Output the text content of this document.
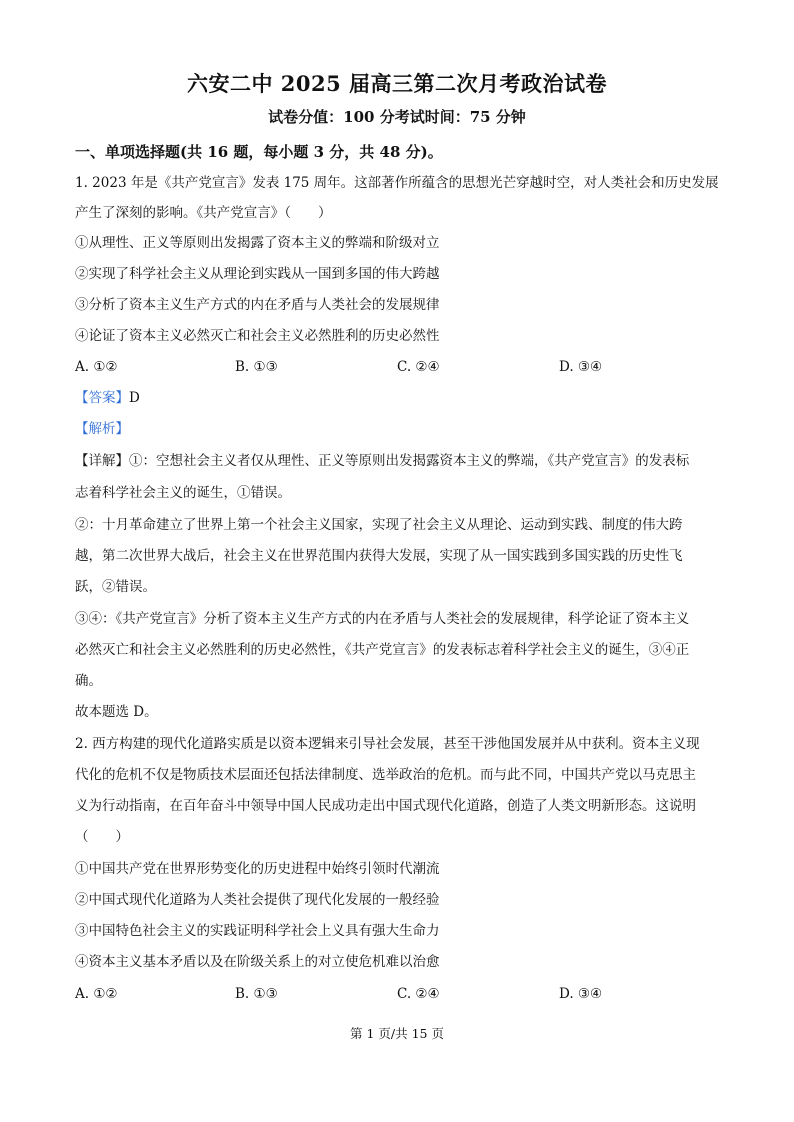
六安二中 2025 届高三第二次月考政治试卷
试卷分值：100 分考试时间：75 分钟
一、单项选择题(共 16 题，每小题 3 分，共 48 分)。
1. 2023 年是《共产党宣言》发表 175 周年。这部著作所蕴含的思想光芒穿越时空，对人类社会和历史发展
产生了深刻的影响。《共产党宣言》（　　）
①从理性、正义等原则出发揭露了资本主义的弊端和阶级对立
②实现了科学社会主义从理论到实践从一国到多国的伟大跨越
③分析了资本主义生产方式的内在矛盾与人类社会的发展规律
④论证了资本主义必然灭亡和社会主义必然胜利的历史必然性
A. ①②	B. ①③	C. ②④	D. ③④
【答案】D
【解析】
【详解】①：空想社会主义者仅从理性、正义等原则出发揭露资本主义的弊端，《共产党宣言》的发表标
志着科学社会主义的诞生，①错误。
②：十月革命建立了世界上第一个社会主义国家，实现了社会主义从理论、运动到实践、制度的伟大跨
越，第二次世界大战后，社会主义在世界范围内获得大发展，实现了从一国实践到多国实践的历史性飞
跃，②错误。
③④：《共产党宣言》分析了资本主义生产方式的内在矛盾与人类社会的发展规律，科学论证了资本主义
必然灭亡和社会主义必然胜利的历史必然性，《共产党宣言》的发表标志着科学社会主义的诞生，③④正
确。
故本题选 D。
2. 西方构建的现代化道路实质是以资本逻辑来引导社会发展，甚至干涉他国发展并从中获利。资本主义现
代化的危机不仅是物质技术层面还包括法律制度、选举政治的危机。而与此不同，中国共产党以马克思主
义为行动指南，在百年奋斗中领导中国人民成功走出中国式现代化道路，创造了人类文明新形态。这说明
（　　）
①中国共产党在世界形势变化的历史进程中始终引领时代潮流
②中国式现代化道路为人类社会提供了现代化发展的一般经验
③中国特色社会主义的实践证明科学社会上义具有强大生命力
④资本主义基本矛盾以及在阶级关系上的对立使危机难以治愈
A. ①②	B. ①③	C. ②④	D. ③④
第 1 页/共 15 页
